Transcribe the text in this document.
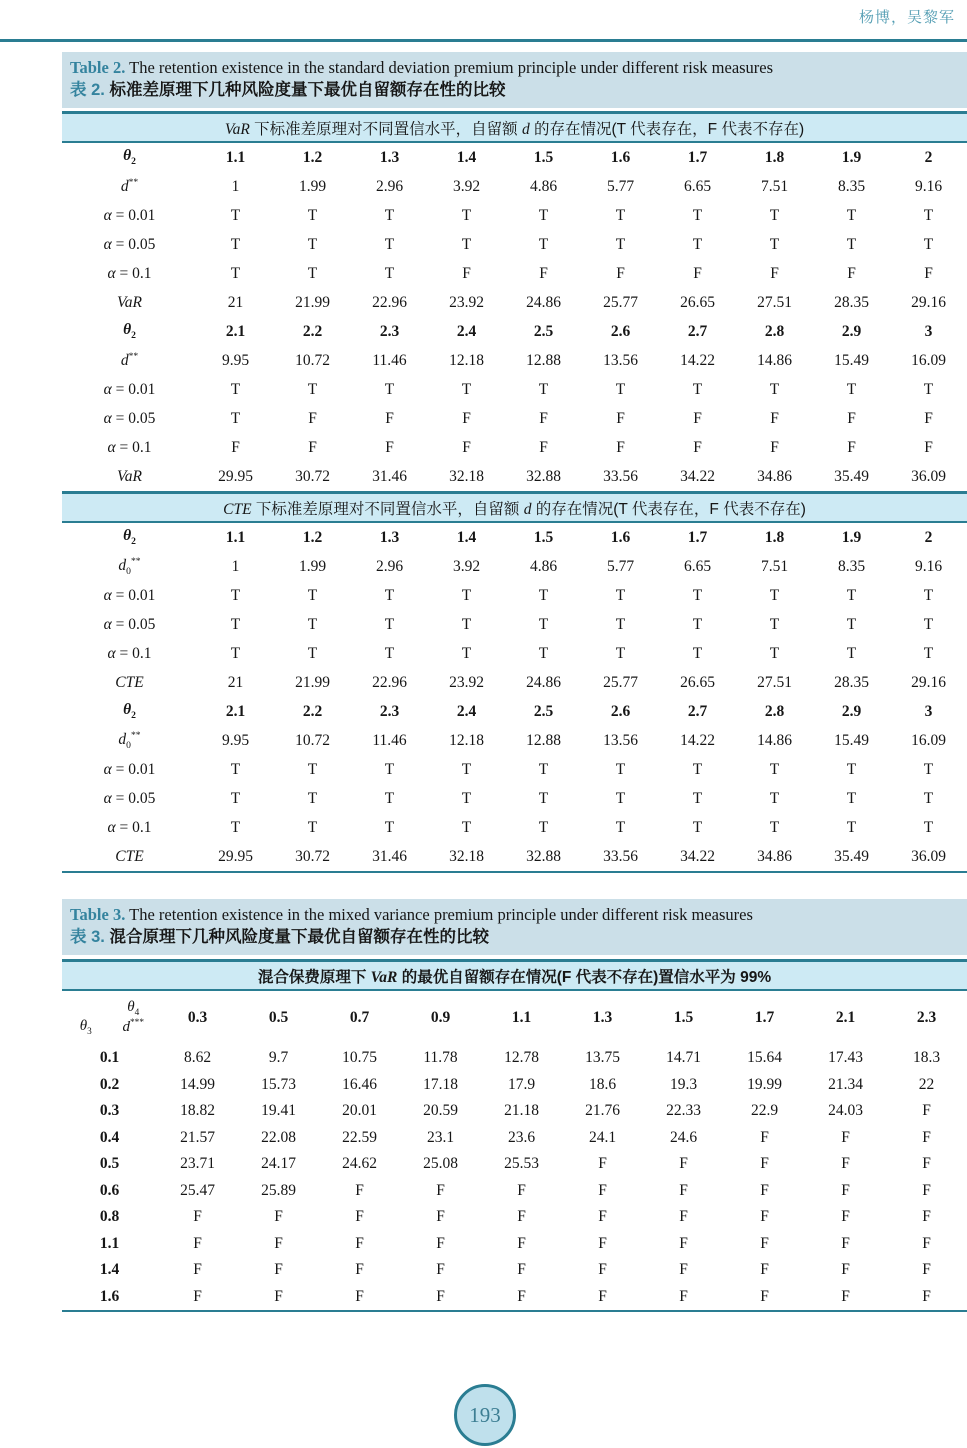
杨博，吴黎军
Table 2. The retention existence in the standard deviation premium principle under different risk measures
表 2. 标准差原理下几种风险度量下最优自留额存在性的比较
VaR 下标准差原理对不同置信水平，自留额 d 的存在情况(T 代表存在，F 代表不存在)										
$\theta_2$	1.1	1.2	1.3	1.4	1.5	1.6	1.7	1.8	1.9	2
d**	1	1.99	2.96	3.92	4.86	5.77	6.65	7.51	8.35	9.16
α = 0.01	T	T	T	T	T	T	T	T	T	T
α = 0.05	T	T	T	T	T	T	T	T	T	T
α = 0.1	T	T	T	F	F	F	F	F	F	F
VaR	21	21.99	22.96	23.92	24.86	25.77	26.65	27.51	28.35	29.16
$\theta_2$	2.1	2.2	2.3	2.4	2.5	2.6	2.7	2.8	2.9	3
d**	9.95	10.72	11.46	12.18	12.88	13.56	14.22	14.86	15.49	16.09
α = 0.01	T	T	T	T	T	T	T	T	T	T
α = 0.05	T	F	F	F	F	F	F	F	F	F
α = 0.1	F	F	F	F	F	F	F	F	F	F
VaR	29.95	30.72	31.46	32.18	32.88	33.56	34.22	34.86	35.49	36.09
CTE 下标准差原理对不同置信水平，自留额 d 的存在情况(T 代表存在，F 代表不存在)										
$\theta_2$	1.1	1.2	1.3	1.4	1.5	1.6	1.7	1.8	1.9	2
$d_0^{**}$	1	1.99	2.96	3.92	4.86	5.77	6.65	7.51	8.35	9.16
α = 0.01	T	T	T	T	T	T	T	T	T	T
α = 0.05	T	T	T	T	T	T	T	T	T	T
α = 0.1	T	T	T	T	T	T	T	T	T	T
CTE	21	21.99	22.96	23.92	24.86	25.77	26.65	27.51	28.35	29.16
$\theta_2$	2.1	2.2	2.3	2.4	2.5	2.6	2.7	2.8	2.9	3
$d_0^{**}$	9.95	10.72	11.46	12.18	12.88	13.56	14.22	14.86	15.49	16.09
α = 0.01	T	T	T	T	T	T	T	T	T	T
α = 0.05	T	T	T	T	T	T	T	T	T	T
α = 0.1	T	T	T	T	T	T	T	T	T	T
CTE	29.95	30.72	31.46	32.18	32.88	33.56	34.22	34.86	35.49	36.09
Table 3. The retention existence in the mixed variance premium principle under different risk measures
表 3. 混合原理下几种风险度量下最优自留额存在性的比较
混合保费原理下 VaR 的最优自留额存在情况(F 代表不存在)置信水平为 99%										

$\theta_4$
$\theta_3$ d***	0.3	0.5	0.7	0.9	1.1	1.3	1.5	1.7	2.1	2.3
0.1	8.62	9.7	10.75	11.78	12.78	13.75	14.71	15.64	17.43	18.3
0.2	14.99	15.73	16.46	17.18	17.9	18.6	19.3	19.99	21.34	22
0.3	18.82	19.41	20.01	20.59	21.18	21.76	22.33	22.9	24.03	F
0.4	21.57	22.08	22.59	23.1	23.6	24.1	24.6	F	F	F
0.5	23.71	24.17	24.62	25.08	25.53	F	F	F	F	F
0.6	25.47	25.89	F	F	F	F	F	F	F	F
0.8	F	F	F	F	F	F	F	F	F	F
1.1	F	F	F	F	F	F	F	F	F	F
1.4	F	F	F	F	F	F	F	F	F	F
1.6	F	F	F	F	F	F	F	F	F	F
193
